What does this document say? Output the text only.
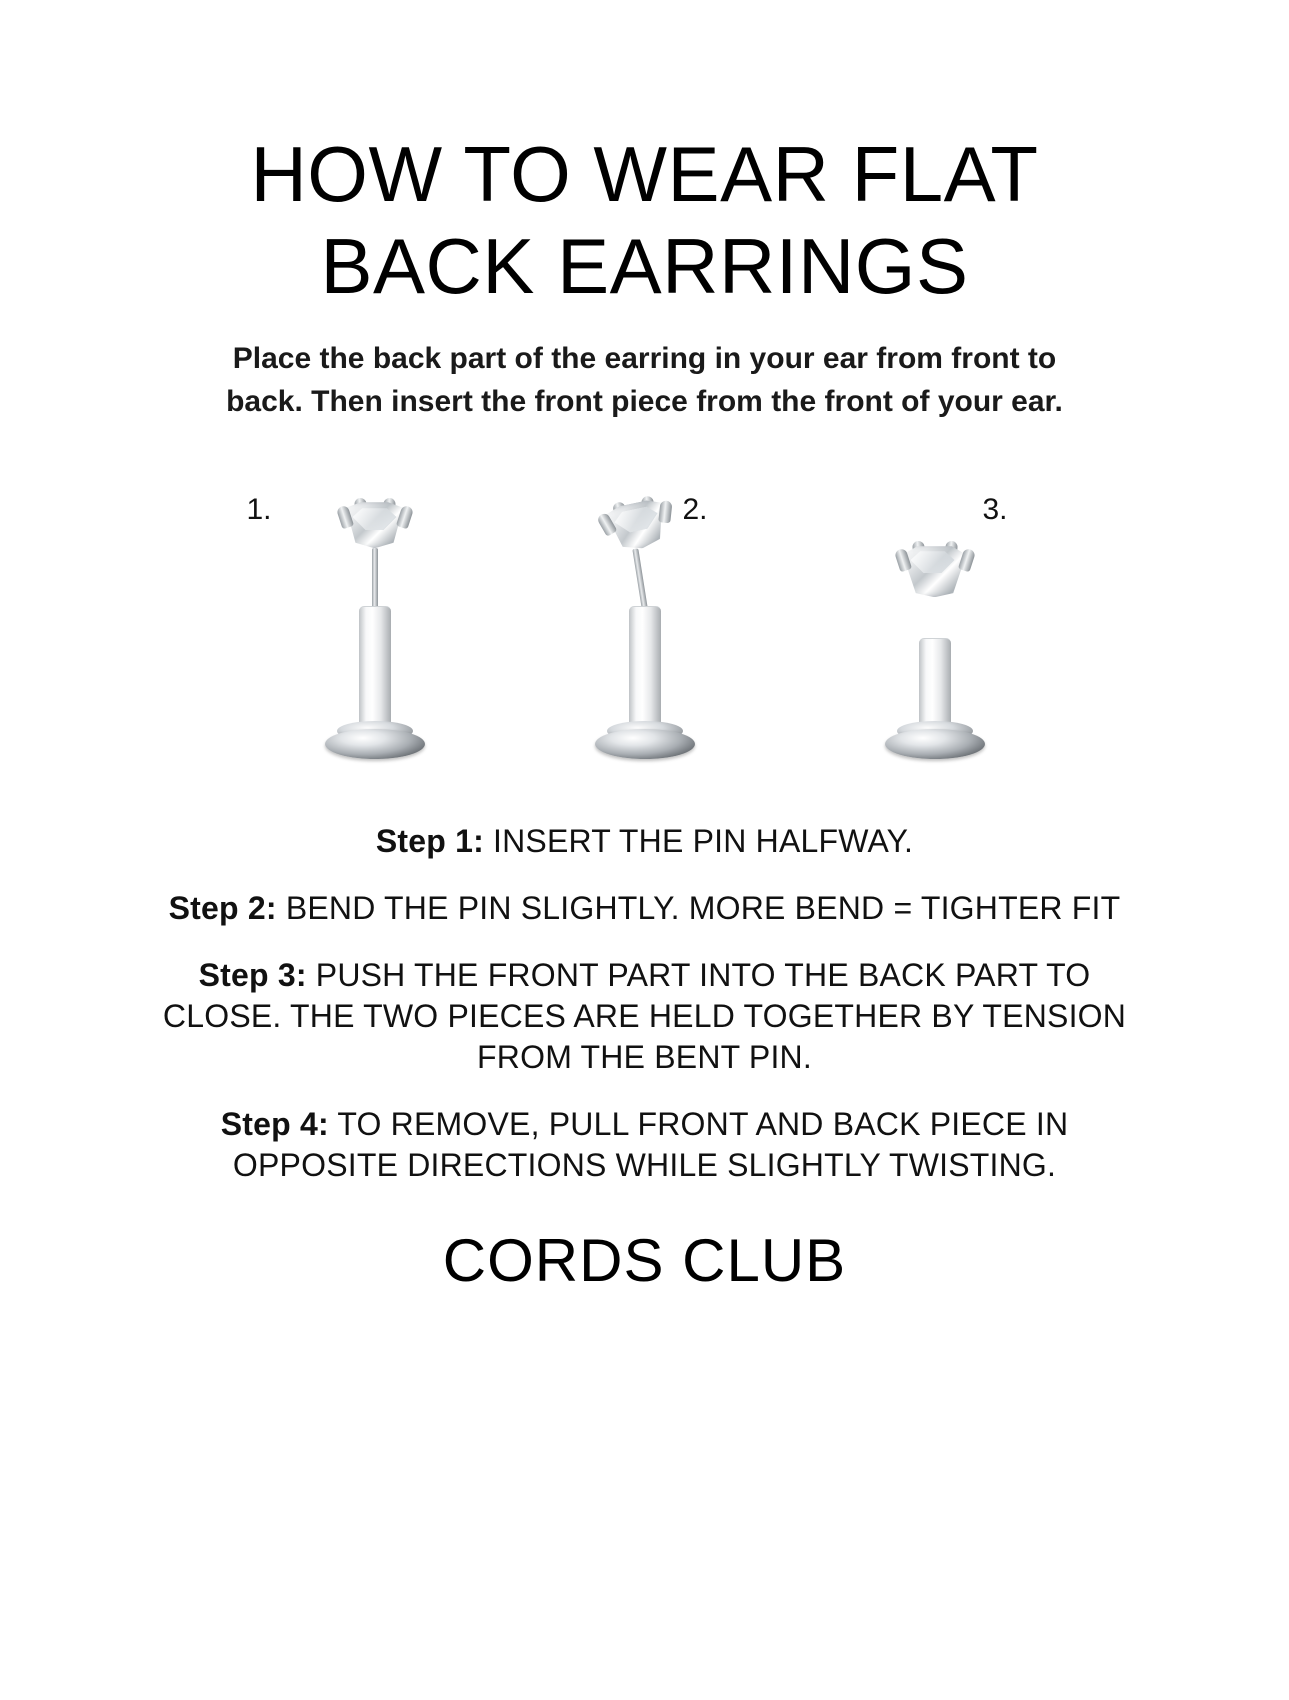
HOW TO WEAR FLAT
BACK EARRINGS

Place the back part of the earring in your ear from front to back. Then insert the front piece from the front of your ear.

1.	2.	3.

Step 1: INSERT THE PIN HALFWAY.

Step 2: BEND THE PIN SLIGHTLY. MORE BEND = TIGHTER FIT

Step 3: PUSH THE FRONT PART INTO THE BACK PART TO CLOSE. THE TWO PIECES ARE HELD TOGETHER BY TENSION FROM THE BENT PIN.

Step 4: TO REMOVE, PULL FRONT AND BACK PIECE IN OPPOSITE DIRECTIONS WHILE SLIGHTLY TWISTING.

CORDS CLUB
